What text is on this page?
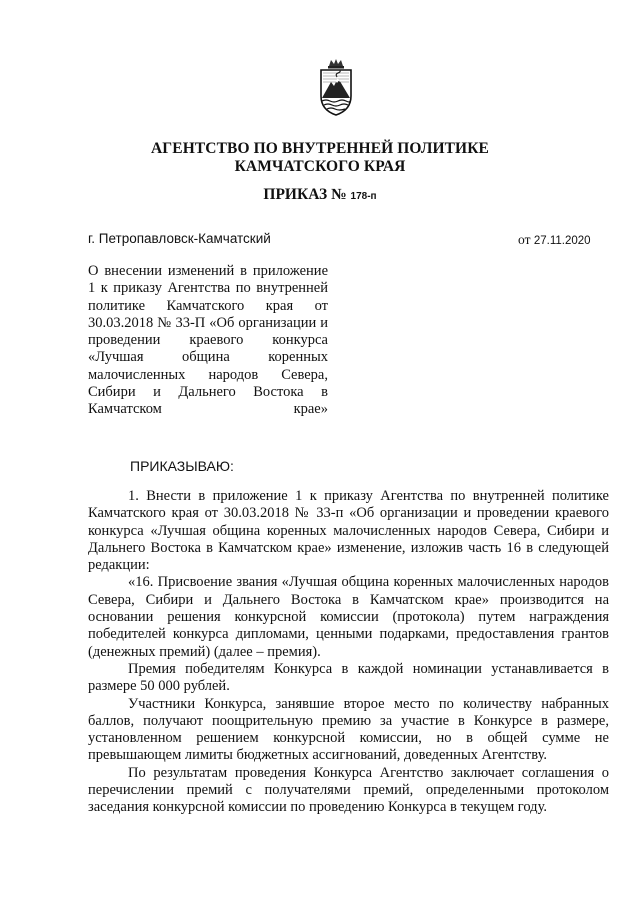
АГЕНТСТВО ПО ВНУТРЕННЕЙ ПОЛИТИКЕ
КАМЧАТСКОГО КРАЯ
ПРИКАЗ № 178-п
г. Петропавловск-Камчатский	от 27.11.2020
О внесении изменений в приложение 1 к приказу Агентства по внутренней политике Камчатского края от 30.03.2018 № 33-П «Об организации и проведении краевого конкурса «Лучшая община коренных малочисленных народов Севера, Сибири и Дальнего Востока в Камчатском крае»
ПРИКАЗЫВАЮ:

1. Внести в приложение 1 к приказу Агентства по внутренней политике Камчатского края от 30.03.2018 № 33-п «Об организации и проведении краевого конкурса «Лучшая община коренных малочисленных народов Севера, Сибири и Дальнего Востока в Камчатском крае» изменение, изложив часть 16 в следующей редакции:

«16. Присвоение звания «Лучшая община коренных малочисленных народов Севера, Сибири и Дальнего Востока в Камчатском крае» производится на основании решения конкурсной комиссии (протокола) путем награждения победителей конкурса дипломами, ценными подарками, предоставления грантов (денежных премий) (далее – премия).

Премия победителям Конкурса в каждой номинации устанавливается в размере 50 000 рублей.

Участники Конкурса, занявшие второе место по количеству набранных баллов, получают поощрительную премию за участие в Конкурсе в размере, установленном решением конкурсной комиссии, но в общей сумме не превышающем лимиты бюджетных ассигнований, доведенных Агентству.

По результатам проведения Конкурса Агентство заключает соглашения о перечислении премий с получателями премий, определенными протоколом заседания конкурсной комиссии по проведению Конкурса в текущем году.
